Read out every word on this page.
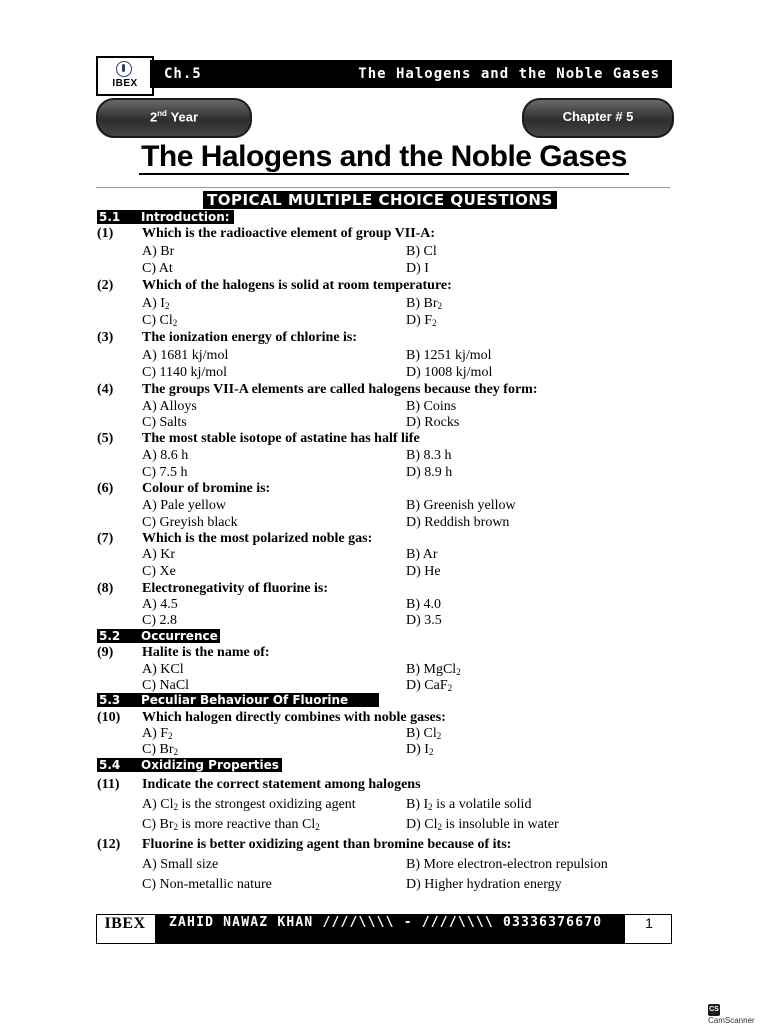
IBEX
Ch.5	The Halogens and the Noble Gases
2nd Year	Chapter # 5
The Halogens and the Noble Gases
TOPICAL MULTIPLE CHOICE QUESTIONS
5.1 Introduction:
5.2 Occurrence
5.3 Peculiar Behaviour Of Fluorine
5.4 Oxidizing Properties
(1) Which is the radioactive element of group VII-A:
A) Br	B) Cl
C) At	D) I
(2) Which of the halogens is solid at room temperature:
A) $I_2$	B) $Br_2$
C) $Cl_2$	D) $F_2$
(3) The ionization energy of chlorine is:
A) 1681 kj/mol	B) 1251 kj/mol
C) 1140 kj/mol	D) 1008 kj/mol
(4) The groups VII-A elements are called halogens because they form:
A) Alloys	B) Coins
C) Salts	D) Rocks
(5) The most stable isotope of astatine has half life
A) 8.6 h	B) 8.3 h
C) 7.5 h	D) 8.9 h
(6) Colour of bromine is:
A) Pale yellow	B) Greenish yellow
C) Greyish black	D) Reddish brown
(7) Which is the most polarized noble gas:
A) Kr	B) Ar
C) Xe	D) He
(8) Electronegativity of fluorine is:
A) 4.5	B) 4.0
C) 2.8	D) 3.5
(9) Halite is the name of:
A) KCl	B) MgCl$_2$
C) NaCl	D) CaF$_2$
(10) Which halogen directly combines with noble gases:
A) $F_2$	B) $Cl_2$
C) $Br_2$	D) $I_2$
(11) Indicate the correct statement among halogens
A) $Cl_2$ is the strongest oxidizing agent	B) $I_2$ is a volatile solid
C) $Br_2$ is more reactive than $Cl_2$	D) $Cl_2$ is insoluble in water
(12) Fluorine is better oxidizing agent than bromine because of its:
A) Small size	B) More electron-electron repulsion
C) Non-metallic nature	D) Higher hydration energy
IBEX	ZAHID NAWAZ KHAN ////\\\\ - ////\\\\ 03336376670	1
CSCamScanner
